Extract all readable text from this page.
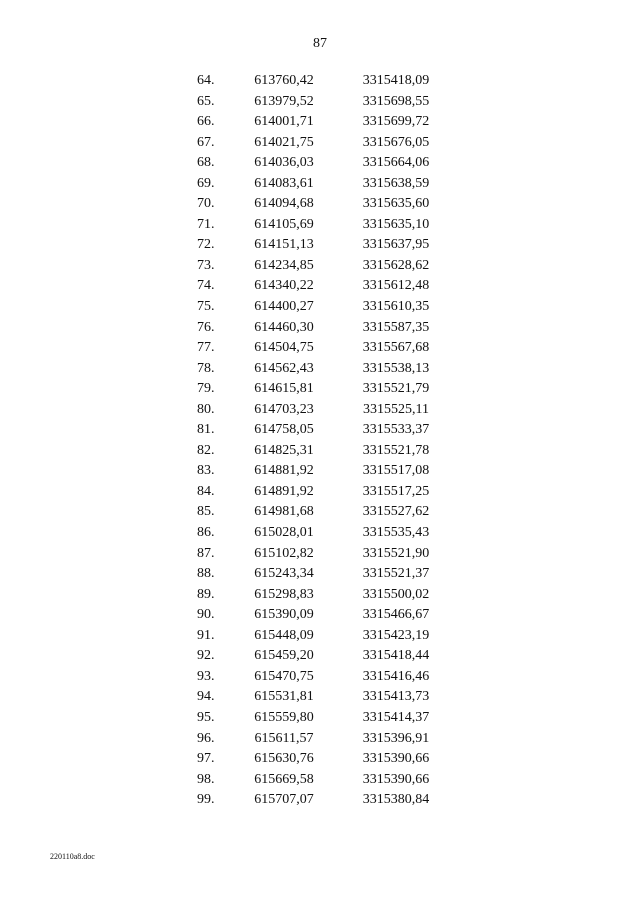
87
64.	613760,42	3315418,09
65.	613979,52	3315698,55
66.	614001,71	3315699,72
67.	614021,75	3315676,05
68.	614036,03	3315664,06
69.	614083,61	3315638,59
70.	614094,68	3315635,60
71.	614105,69	3315635,10
72.	614151,13	3315637,95
73.	614234,85	3315628,62
74.	614340,22	3315612,48
75.	614400,27	3315610,35
76.	614460,30	3315587,35
77.	614504,75	3315567,68
78.	614562,43	3315538,13
79.	614615,81	3315521,79
80.	614703,23	3315525,11
81.	614758,05	3315533,37
82.	614825,31	3315521,78
83.	614881,92	3315517,08
84.	614891,92	3315517,25
85.	614981,68	3315527,62
86.	615028,01	3315535,43
87.	615102,82	3315521,90
88.	615243,34	3315521,37
89.	615298,83	3315500,02
90.	615390,09	3315466,67
91.	615448,09	3315423,19
92.	615459,20	3315418,44
93.	615470,75	3315416,46
94.	615531,81	3315413,73
95.	615559,80	3315414,37
96.	615611,57	3315396,91
97.	615630,76	3315390,66
98.	615669,58	3315390,66
99.	615707,07	3315380,84
220110a8.doc
